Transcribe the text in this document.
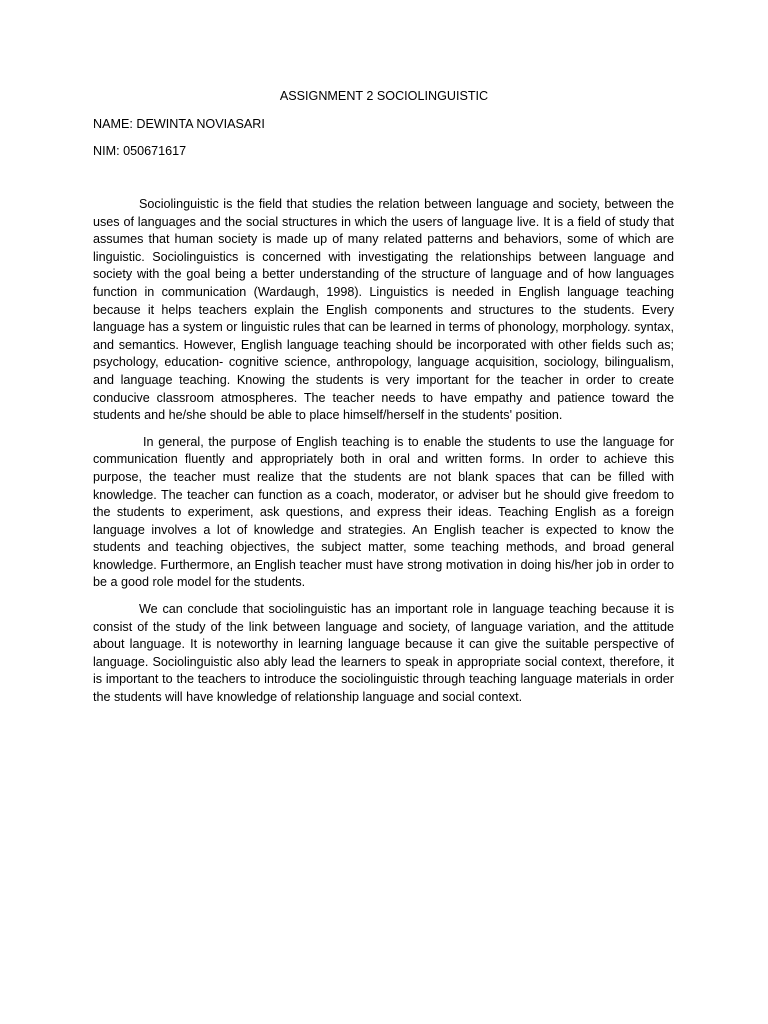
ASSIGNMENT 2 SOCIOLINGUISTIC

NAME: DEWINTA NOVIASARI

NIM: 050671617

Sociolinguistic is the field that studies the relation between language and society, between the uses of languages and the social structures in which the users of language live. It is a field of study that assumes that human society is made up of many related patterns and behaviors, some of which are linguistic. Sociolinguistics is concerned with investigating the relationships between language and society with the goal being a better understanding of the structure of language and of how languages function in communication (Wardaugh, 1998). Linguistics is needed in English language teaching because it helps teachers explain the English components and structures to the students. Every language has a system or linguistic rules that can be learned in terms of phonology, morphology. syntax, and semantics. However, English language teaching should be incorporated with other fields such as; psychology, education- cognitive science, anthropology, language acquisition, sociology, bilingualism, and language teaching. Knowing the students is very important for the teacher in order to create conducive classroom atmospheres. The teacher needs to have empathy and patience toward the students and he/she should be able to place himself/herself in the students' position.

In general, the purpose of English teaching is to enable the students to use the language for communication fluently and appropriately both in oral and written forms. In order to achieve this purpose, the teacher must realize that the students are not blank spaces that can be filled with knowledge. The teacher can function as a coach, moderator, or adviser but he should give freedom to the students to experiment, ask questions, and express their ideas. Teaching English as a foreign language involves a lot of knowledge and strategies. An English teacher is expected to know the students and teaching objectives, the subject matter, some teaching methods, and broad general knowledge. Furthermore, an English teacher must have strong motivation in doing his/her job in order to be a good role model for the students.

We can conclude that sociolinguistic has an important role in language teaching because it is consist of the study of the link between language and society, of language variation, and the attitude about language. It is noteworthy in learning language because it can give the suitable perspective of language. Sociolinguistic also ably lead the learners to speak in appropriate social context, therefore, it is important to the teachers to introduce the sociolinguistic through teaching language materials in order the students will have knowledge of relationship language and social context.
